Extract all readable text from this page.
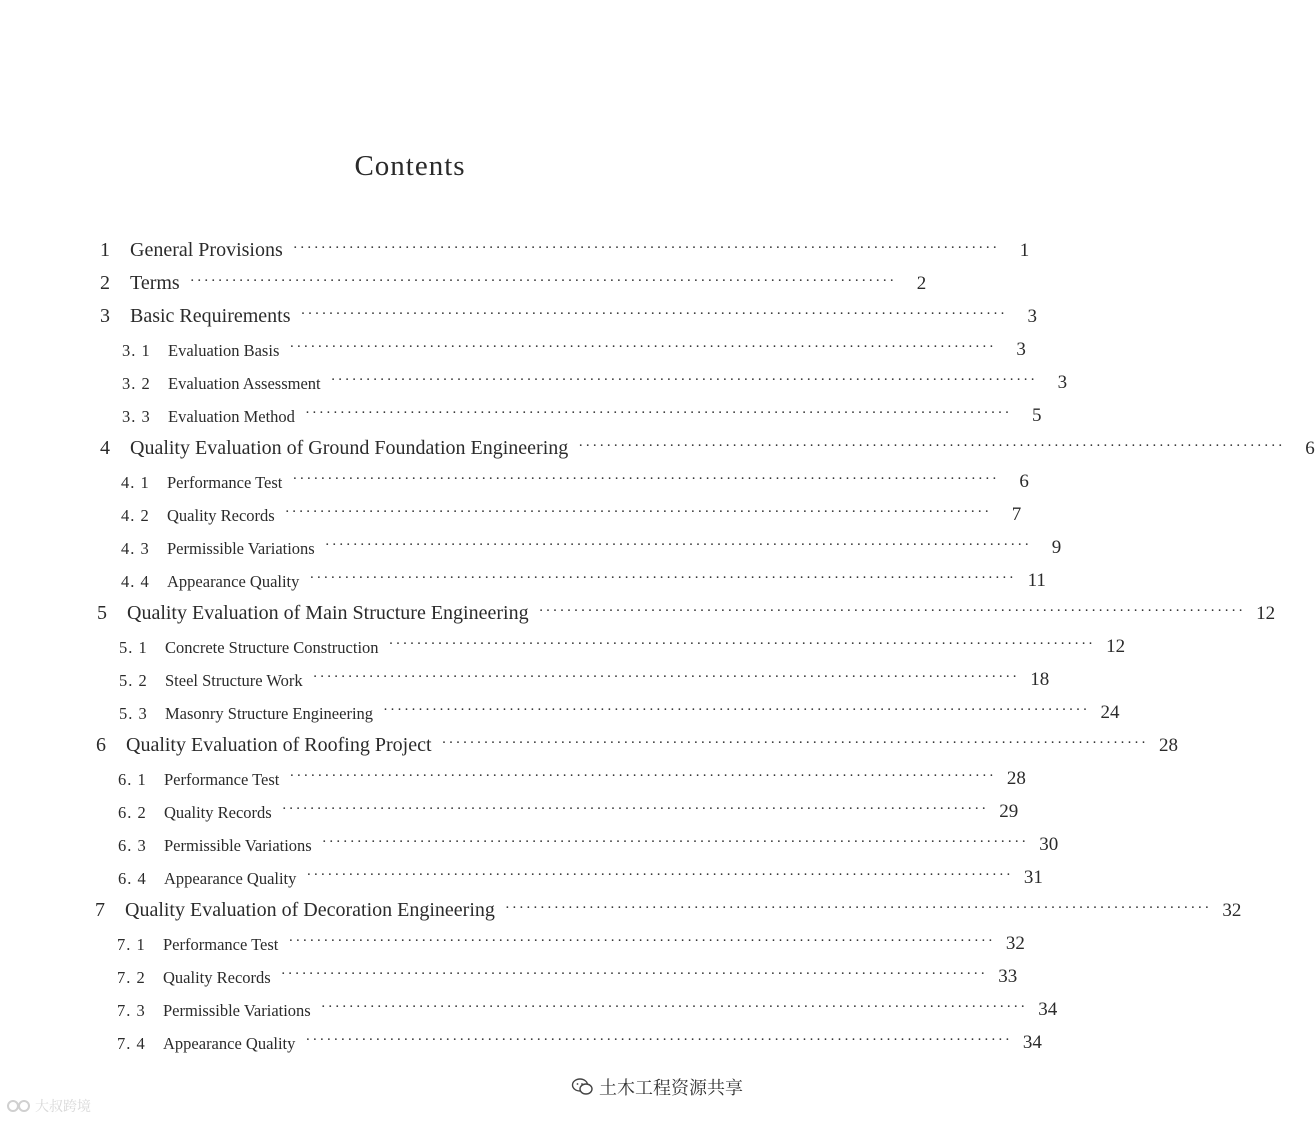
Contents
1	General Provisions ·····································································································	1
2	Terms ·····································································································	2
3	Basic Requirements ·····································································································	3
3. 1	Evaluation Basis ·····································································································	3
3. 2	Evaluation Assessment ·····································································································	3
3. 3	Evaluation Method ·····································································································	5
4	Quality Evaluation of Ground Foundation Engineering ·····································································································	6
4. 1	Performance Test ·····································································································	6
4. 2	Quality Records ·····································································································	7
4. 3	Permissible Variations ·····································································································	9
4. 4	Appearance Quality ····································································································· 11
5	Quality Evaluation of Main Structure Engineering ····································································································· 12
5. 1	Concrete Structure Construction ····································································································· 12
5. 2	Steel Structure Work ····································································································· 18
5. 3	Masonry Structure Engineering ····································································································· 24
6	Quality Evaluation of Roofing Project ····································································································· 28
6. 1	Performance Test ····································································································· 28
6. 2	Quality Records ····································································································· 29
6. 3	Permissible Variations ····································································································· 30
6. 4	Appearance Quality ····································································································· 31
7	Quality Evaluation of Decoration Engineering ····································································································· 32
7. 1	Performance Test ····································································································· 32
7. 2	Quality Records ····································································································· 33
7. 3	Permissible Variations ····································································································· 34
7. 4	Appearance Quality ····································································································· 34
大叔跨境
土木工程资源共享
